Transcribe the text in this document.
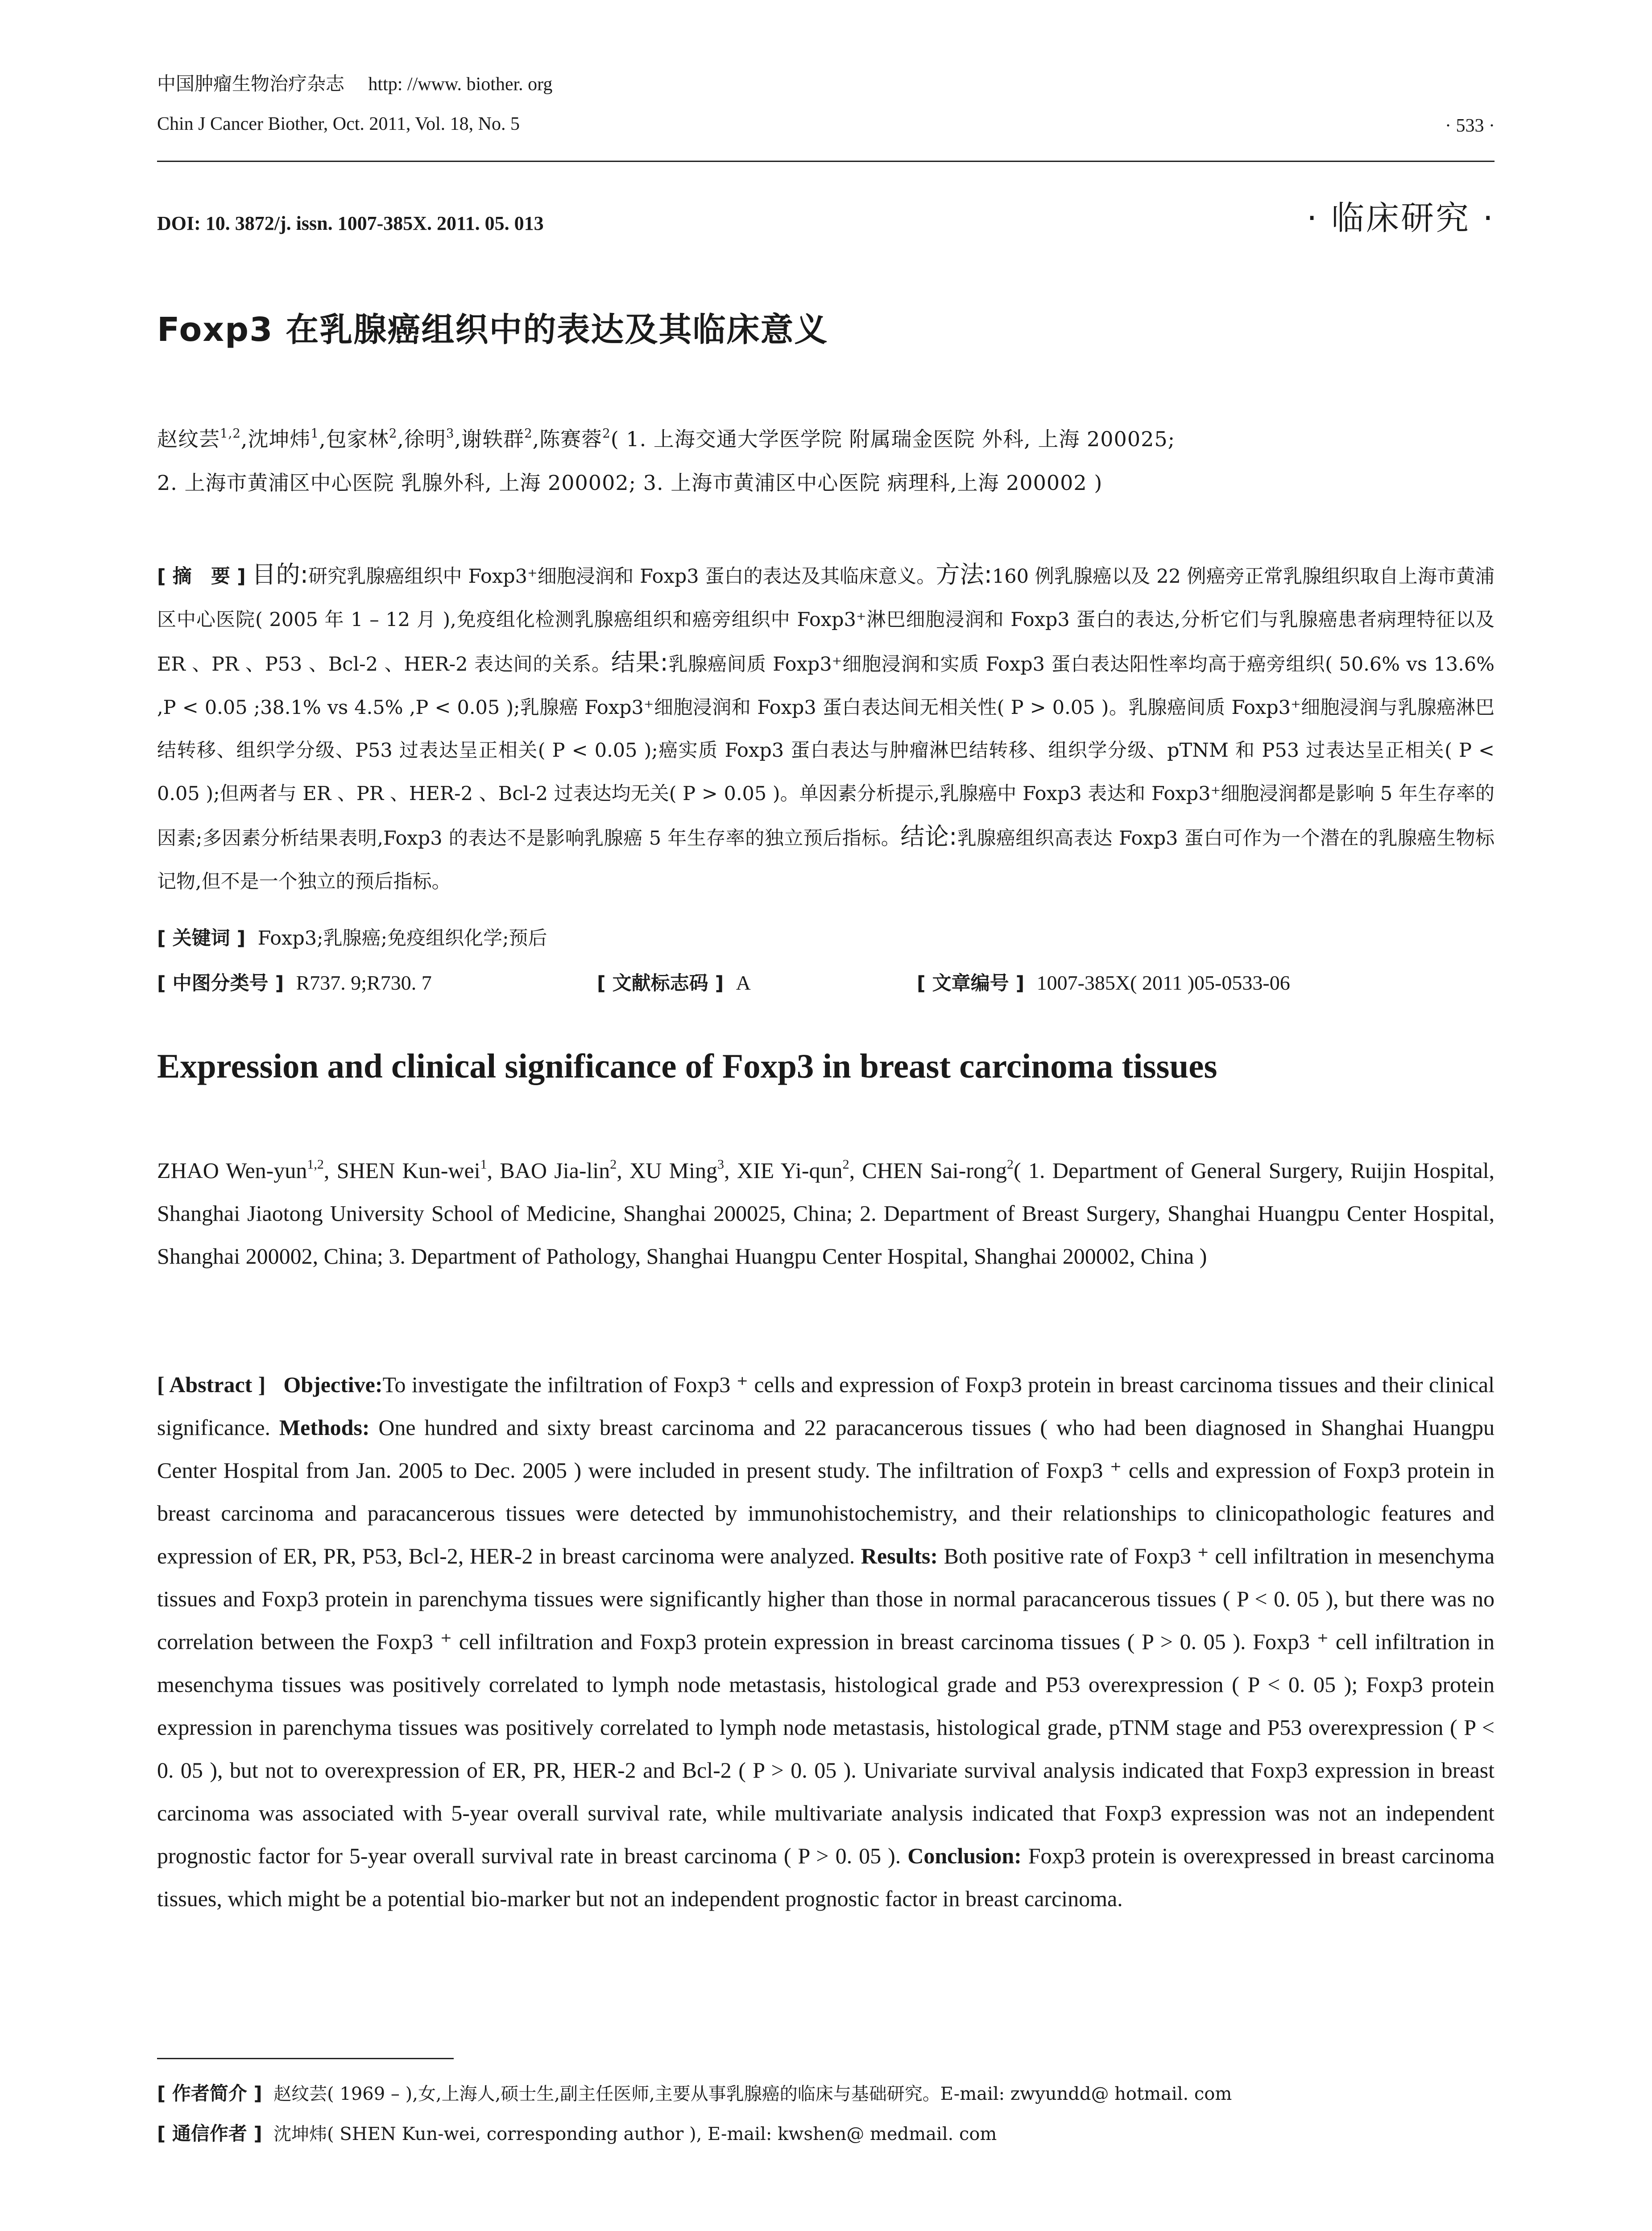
中国肿瘤生物治疗杂志 http: //www. biother. org
Chin J Cancer Biother, Oct. 2011, Vol. 18, No. 5	· 533 ·
DOI: 10. 3872/j. issn. 1007-385X. 2011. 05. 013	· 临床研究 ·
Foxp3 在乳腺癌组织中的表达及其临床意义
赵纹芸$^{1,2}$,沈坤炜$^1$,包家林$^2$,徐明$^3$,谢轶群$^2$,陈赛蓉$^2$( 1. 上海交通大学医学院 附属瑞金医院 外科, 上海 200025;
2. 上海市黄浦区中心医院 乳腺外科, 上海 200002; 3. 上海市黄浦区中心医院 病理科,上海 200002 )
[ 摘　要 ] 目的:研究乳腺癌组织中 Foxp3⁺细胞浸润和 Foxp3 蛋白的表达及其临床意义。方法:160 例乳腺癌以及 22 例癌旁正常乳腺组织取自上海市黄浦区中心医院( 2005 年 1 – 12 月 ),免疫组化检测乳腺癌组织和癌旁组织中 Foxp3⁺淋巴细胞浸润和 Foxp3 蛋白的表达,分析它们与乳腺癌患者病理特征以及 ER 、PR 、P53 、Bcl-2 、HER-2 表达间的关系。结果:乳腺癌间质 Foxp3⁺细胞浸润和实质 Foxp3 蛋白表达阳性率均高于癌旁组织( 50.6% vs 13.6% ,P < 0.05 ;38.1% vs 4.5% ,P < 0.05 );乳腺癌 Foxp3⁺细胞浸润和 Foxp3 蛋白表达间无相关性( P > 0.05 )。乳腺癌间质 Foxp3⁺细胞浸润与乳腺癌淋巴结转移、组织学分级、P53 过表达呈正相关( P < 0.05 );癌实质 Foxp3 蛋白表达与肿瘤淋巴结转移、组织学分级、pTNM 和 P53 过表达呈正相关( P < 0.05 );但两者与 ER 、PR 、HER-2 、Bcl-2 过表达均无关( P > 0.05 )。单因素分析提示,乳腺癌中 Foxp3 表达和 Foxp3⁺细胞浸润都是影响 5 年生存率的因素;多因素分析结果表明,Foxp3 的表达不是影响乳腺癌 5 年生存率的独立预后指标。结论:乳腺癌组织高表达 Foxp3 蛋白可作为一个潜在的乳腺癌生物标记物,但不是一个独立的预后指标。
[ 关键词 ] Foxp3;乳腺癌;免疫组织化学;预后
[ 中图分类号 ] R737. 9;R730. 7	[ 文献标志码 ] A	[ 文章编号 ] 1007-385X( 2011 )05-0533-06
Expression and clinical significance of Foxp3 in breast carcinoma tissues
ZHAO Wen-yun$^{1,2}$, SHEN Kun-wei$^1$, BAO Jia-lin$^2$, XU Ming$^3$, XIE Yi-qun$^2$, CHEN Sai-rong$^2$( 1. Department of General Surgery, Ruijin Hospital, Shanghai Jiaotong University School of Medicine, Shanghai 200025, China; 2. Department of Breast Surgery, Shanghai Huangpu Center Hospital, Shanghai 200002, China; 3. Department of Pathology, Shanghai Huangpu Center Hospital, Shanghai 200002, China )
[ Abstract ] Objective:To investigate the infiltration of Foxp3 ⁺ cells and expression of Foxp3 protein in breast carcinoma tissues and their clinical significance. Methods: One hundred and sixty breast carcinoma and 22 paracancerous tissues ( who had been diagnosed in Shanghai Huangpu Center Hospital from Jan. 2005 to Dec. 2005 ) were included in present study. The infiltration of Foxp3 ⁺ cells and expression of Foxp3 protein in breast carcinoma and paracancerous tissues were detected by immunohistochemistry, and their relationships to clinicopathologic features and expression of ER, PR, P53, Bcl-2, HER-2 in breast carcinoma were analyzed. Results: Both positive rate of Foxp3 ⁺ cell infiltration in mesenchyma tissues and Foxp3 protein in parenchyma tissues were significantly higher than those in normal paracancerous tissues ( P < 0. 05 ), but there was no correlation between the Foxp3 ⁺ cell infiltration and Foxp3 protein expression in breast carcinoma tissues ( P > 0. 05 ). Foxp3 ⁺ cell infiltration in mesenchyma tissues was positively correlated to lymph node metastasis, histological grade and P53 overexpression ( P < 0. 05 ); Foxp3 protein expression in parenchyma tissues was positively correlated to lymph node metastasis, histological grade, pTNM stage and P53 overexpression ( P < 0. 05 ), but not to overexpression of ER, PR, HER-2 and Bcl-2 ( P > 0. 05 ). Univariate survival analysis indicated that Foxp3 expression in breast carcinoma was associated with 5-year overall survival rate, while multivariate analysis indicated that Foxp3 expression was not an independent prognostic factor for 5-year overall survival rate in breast carcinoma ( P > 0. 05 ). Conclusion: Foxp3 protein is overexpressed in breast carcinoma tissues, which might be a potential bio-marker but not an independent prognostic factor in breast carcinoma.
[ 作者简介 ] 赵纹芸( 1969 – ),女,上海人,硕士生,副主任医师,主要从事乳腺癌的临床与基础研究。E-mail: zwyundd@ hotmail. com
[ 通信作者 ] 沈坤炜( SHEN Kun-wei, corresponding author ), E-mail: kwshen@ medmail. com
